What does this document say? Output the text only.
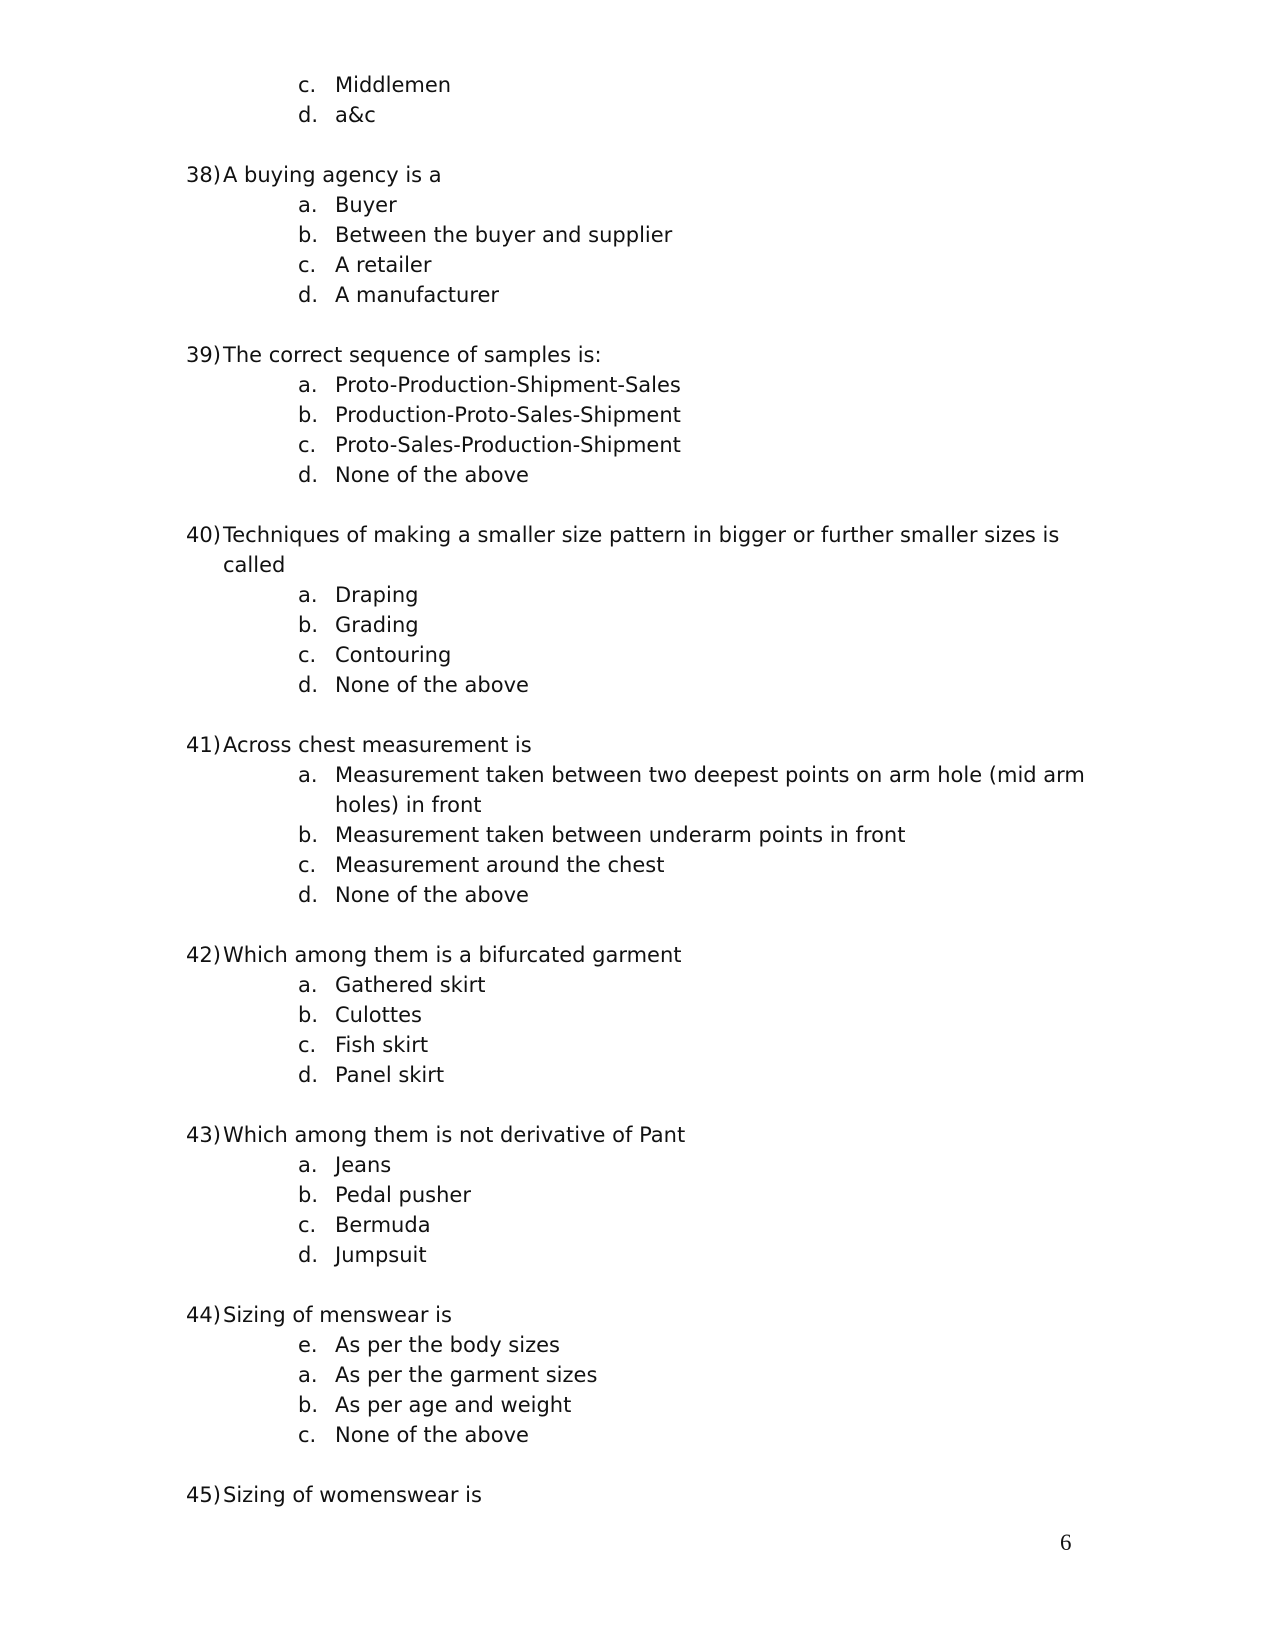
c. Middlemen
d. a&c
38) A buying agency is a
a. Buyer
b. Between the buyer and supplier
c. A retailer
d. A manufacturer
39) The correct sequence of samples is:
a. Proto-Production-Shipment-Sales
b. Production-Proto-Sales-Shipment
c. Proto-Sales-Production-Shipment
d. None of the above
40) Techniques of making a smaller size pattern in bigger or further smaller sizes is
called
a. Draping
b. Grading
c. Contouring
d. None of the above
41) Across chest measurement is
a. Measurement taken between two deepest points on arm hole (mid arm
holes) in front
b. Measurement taken between underarm points in front
c. Measurement around the chest
d. None of the above
42) Which among them is a bifurcated garment
a. Gathered skirt
b. Culottes
c. Fish skirt
d. Panel skirt
43) Which among them is not derivative of Pant
a. Jeans
b. Pedal pusher
c. Bermuda
d. Jumpsuit
44) Sizing of menswear is
e. As per the body sizes
a. As per the garment sizes
b. As per age and weight
c. None of the above
45) Sizing of womenswear is
6
